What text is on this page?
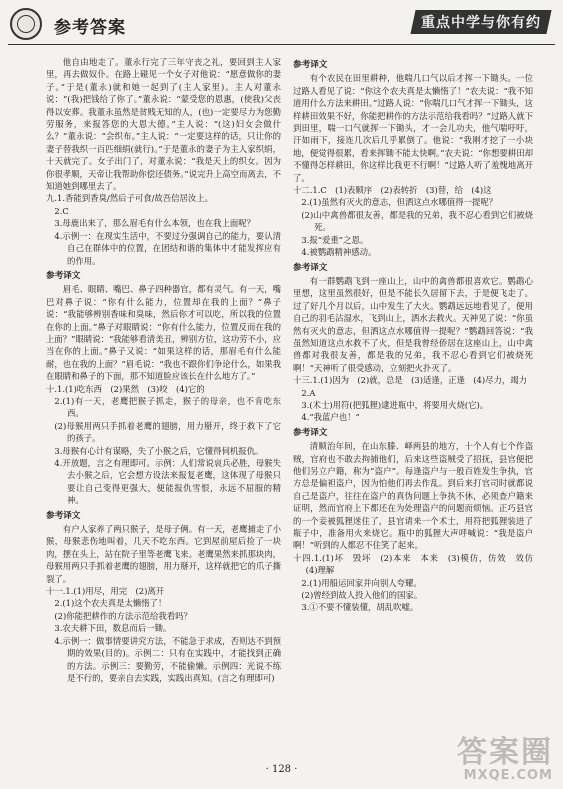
参考答案	重点中学与你有约
他自由地走了。董永行完了三年守丧之礼，要回到主人家里，再去做奴仆。在路上碰见一个女子对他说：“愿意做你的妻子。”于是(董永)就和她一起到了(主人家里)。主人对董永说：“(我)把钱给了你了。”董永说：“蒙受您的恩惠，(使我)父丧得以安葬。我董永虽然是贫贱无知的人，(也)一定要尽力为您勤劳服务，来报答您的大恩大德。”主人说：“(这)妇女会做什么？”董永说：“会织布。”主人说：“一定要这样的话，只让你的妻子替我织一百匹细绢(就行)。”于是董永的妻子为主人家织绢，十天就完了。女子出门了，对董永说：“我是天上的织女。因为你很孝顺，天帝让我帮助你偿还债务。”说完升上高空而离去，不知道她到哪里去了。
九.1.香能到香臭/然后子可食/故吾信居汝上。
2.C
3.母鹿出来了，那么眉毛有什么本领，也在我上面呢？
4.示例一：在现实生活中，不要过分强调自己的能力，要认清自己在群体中的位置，在团结和谐的集体中才能发挥应有的作用。
参考译文
眉毛、眼睛、嘴巴、鼻子四种器官，都有灵气。有一天，嘴巴对鼻子说：“你有什么能力，位置却在我的上面？”鼻子说：“我能够辨别香味和臭味，然后你才可以吃，所以我的位置在你的上面。”鼻子对眼睛说：“你有什么能力，位置反而在我的上面？”眼睛说：“我能够看清美丑，辨别方位，这功劳不小，应当在你的上面。”鼻子又说：“如果这样的话，那眉毛有什么能耐，也在我的上面？”眉毛说：“我也不跟你们争论什么，如果我在眼睛和鼻子的下面，那不知道脸应该长在什么地方了。”
十.1.(1)吃东西　(2)果然　(3)咬　(4)它的
2.(1)有一天，老鹰把猴子抓走，猴子的母亲，也不肯吃东西。
(2)母猴用两只手抓着老鹰的翅膀，用力掰开，终于救下了它的孩子。
3.母猴有心计有谋略，失了小猴之后，它懂得伺机报仇。
4.开放题，言之有理即可。示例：人们常说哀兵必胜，母猴失去小猴之后，它会想方设法来报复老鹰，这体现了母猴只要让自己变得更强大，便能报仇雪恨，永远不屈服的精神。
参考译文
有户人家养了两只猴子，是母子俩。有一天，老鹰捕走了小猴，母猴悲伤地叫着，几天不吃东西。它到屋前屋后捡了一块肉，摆在头上，站在院子里等老鹰飞来。老鹰果然来抓那块肉，母猴用两只手抓着老鹰的翅膀，用力掰开，这样就把它的爪子撕裂了。
十一.1.(1)用尽，用完　(2)离开
2.(1)这个农夫真是太懒惰了！
(2)你能把耕作的方法示范给我看吗？
3.农夫耕下田，数息而后一锄。
4.示例一：做事情要讲究方法，不能急于求成，否则达不到预期的效果(目的)。示例二：只有在实践中，才能找到正确的方法。示例三：要勤劳，不能偷懒。示例四：光说不练是不行的，要亲自去实践，实践出真知。(言之有理即可)
参考译文
有个农民在田里耕种，他喘几口气以后才挥一下锄头。一位过路人看见了说：“你这个农夫真是太懒惰了！”农夫说：“我不知道用什么方法来耕田。”过路人说：“你喘几口气才挥一下锄头，这样耕田效果不好，你能把耕作的方法示范给我看吗？”过路人就下到田里，喘一口气就挥一下锄头，才一会儿功夫，他气喘吁吁，汗如雨下，接连几次后几乎累倒了。他说：“我刚才挖了一小块地，便觉得很累，看来挥锄不能太快啊。”农夫说：“你想要耕田却不懂得怎样耕田，你这样比我更不行啊！”过路人听了羞愧地离开了。
十二.1.C　(1)表顺序　(2)表转折　(3)替，给　(4)这
2.(1)虽然有灭火的意志，但洒这点水哪值得一提呢？
(2)山中禽兽都很友善，都是我的兄弟，我不忍心看到它们被烧死。
3.报“爱重”之恩。
4.被鹦鹉精神感动。
参考译文
有一群鹦鹉飞到一座山上，山中的禽兽都很喜欢它。鹦鹉心里想，这里虽然很好，但是不能长久居留下去，于是便飞走了。过了好几个月以后，山中发生了大火。鹦鹉远远地看见了，便用自己的羽毛沾湿水，飞到山上，洒水去救火。天神见了说：“你虽然有灭火的意志，但洒这点水哪值得一提呢？”鹦鹉回答说：“我虽然知道这点水救不了火，但是我曾经侨居在这座山上，山中禽兽都对我很友善，都是我的兄弟，我不忍心看到它们被烧死啊！”天神听了很受感动，立刻把火扑灭了。
十三.1.(1)因为　(2)就，总是　(3)适逢，正逢　(4)尽力，竭力
2.A
3.(术士)用符(把狐狸)逮进瓶中，将要用火烧(它)。
4.“我蓝户也！”
参考译文
清顺治年间，在山东滕、峄两县的地方，十个人有七个作盗贼，官府也不敢去拘捕他们，后来这些盗贼受了招抚，县官便把他们另立户籍，称为“盗户”。每逢盗户与一般百姓发生争执，官方总是偏袒盗户，因为怕他们再去作乱。到后来打官司时就都说自己是盗户，往往在盗户的真伪问题上争执不休，必须查户籍来证明，然而官府上下都还在为处理盗户的问题而烦恼。正巧县官的一个妾被狐狸迷住了，县官请来一个术士，用符把狐狸装进了瓶子中，准备用火来烧它。瓶中的狐狸大声呼喊说：“我是盗户啊！”听到的人都忍不住笑了起来。
十四.1.(1)坏　毁坏　(2)本来　本来　(3)模仿，仿效　效仿　(4)理解
2.(1)用船运回家并向别人夸耀。
(2)曾经到故人投入他们的国家。
3.①不要不懂装懂，胡乱吹嘘。
· 128 ·	答案圈
MXQE.COM
